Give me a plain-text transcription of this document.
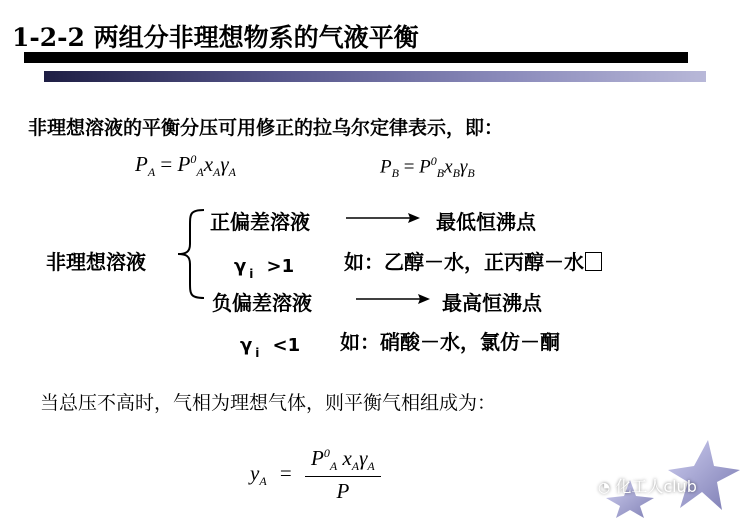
1-2-2 两组分非理想物系的气液平衡
非理想溶液的平衡分压可用修正的拉乌尔定律表示，即：
$P_A = P^0_Ax_A\gamma_A$	$P_B = P^0_Bx_B\gamma_B$
非理想溶液
正偏差溶液	最低恒沸点
γ $_i$ >1 如：乙醇－水，正丙醇－水
负偏差溶液	最高恒沸点
γ $_i$ <1 如：硝酸－水，氯仿－酮
当总压不高时，气相为理想气体，则平衡气相组成为：
$y_A = \frac{P^0_A x_A\gamma_A}{P}$	◔ 化工人club
